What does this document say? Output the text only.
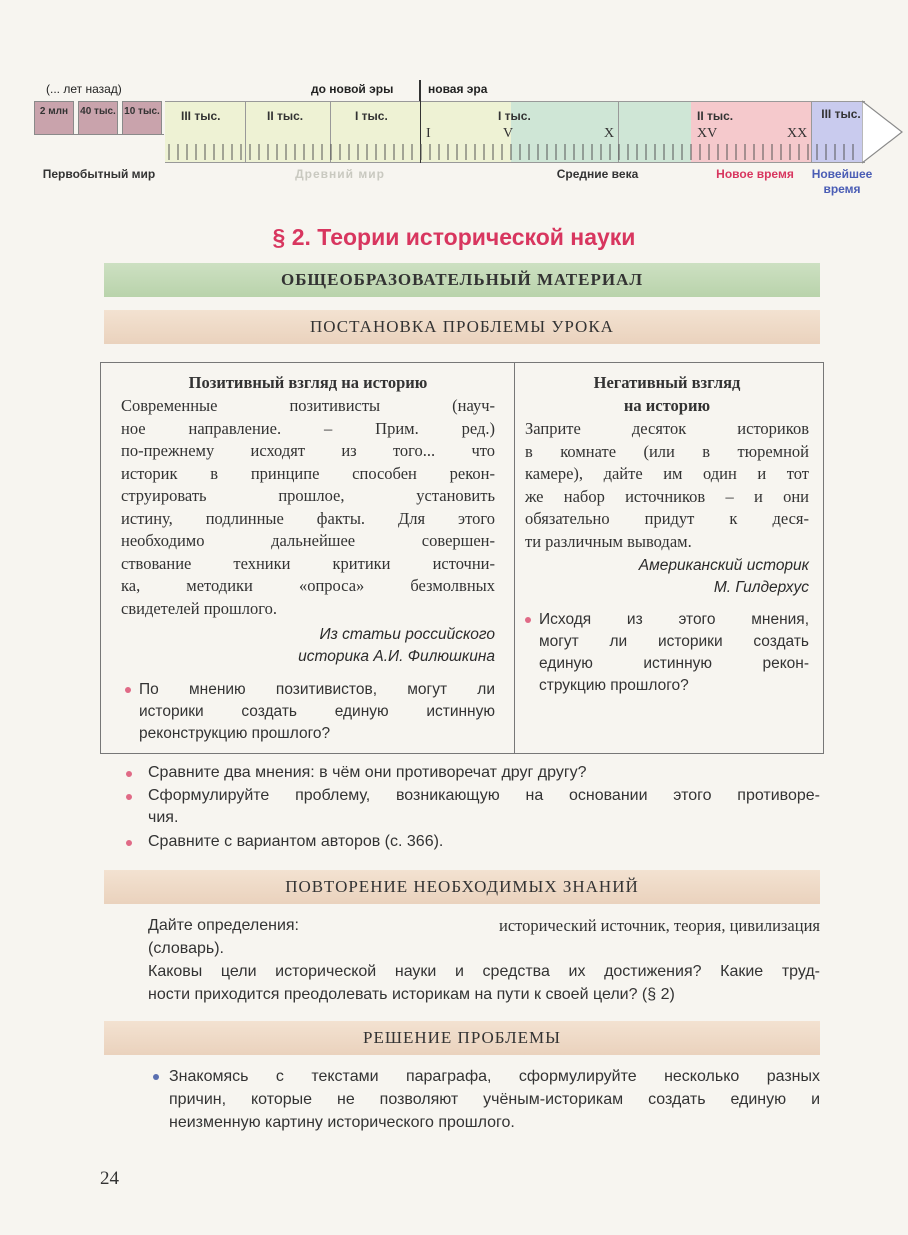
(... лет назад)	до новой эры	новая эра
2 млн	40 тыс. 10 тыс. III тыс.	II тыс.	I тыс.	I тыс.	II тыс.	III тыс.
I	V	X	XV	XX
Первобытный мир	Древний мир	Средние века	Новое время	Новейшее время
§ 2. Теории исторической науки
ОБЩЕОБРАЗОВАТЕЛЬНЫЙ МАТЕРИАЛ
ПОСТАНОВКА ПРОБЛЕМЫ УРОКА
Позитивный взгляд на историю
Современные позитивисты (науч-
ное направление. – Прим. ред.)
по-прежнему исходят из того... что
историк в принципе способен рекон-
струировать прошлое, установить
истину, подлинные факты. Для этого
необходимо дальнейшее совершен-
ствование техники критики источни-
ка, методики «опроса» безмолвных
свидетелей прошлого.
Из статьи российского
историка А.И. Филюшкина
По мнению позитивистов, могут ли
историки создать единую истинную
реконструкцию прошлого?
Негативный взгляд
на историю
Заприте десяток историков
в комнате (или в тюремной
камере), дайте им один и тот
же набор источников – и они
обязательно придут к деся-
ти различным выводам.
Американский историк
М. Гилдерхус
Исходя из этого мнения,
могут ли историки создать
единую истинную рекон-
струкцию прошлого?
Сравните два мнения: в чём они противоречат друг другу?
Сформулируйте проблему, возникающую на основании этого противоре-
чия.
Сравните с вариантом авторов (с. 366).
ПОВТОРЕНИЕ НЕОБХОДИМЫХ ЗНАНИЙ
Дайте определения:	исторический источник, теория, цивилизация
(словарь).
Каковы цели исторической науки и средства их достижения? Какие труд-
ности приходится преодолевать историкам на пути к своей цели? (§ 2)
РЕШЕНИЕ ПРОБЛЕМЫ
Знакомясь с текстами параграфа, сформулируйте несколько разных
причин, которые не позволяют учёным-историкам создать единую и
неизменную картину исторического прошлого.
24
